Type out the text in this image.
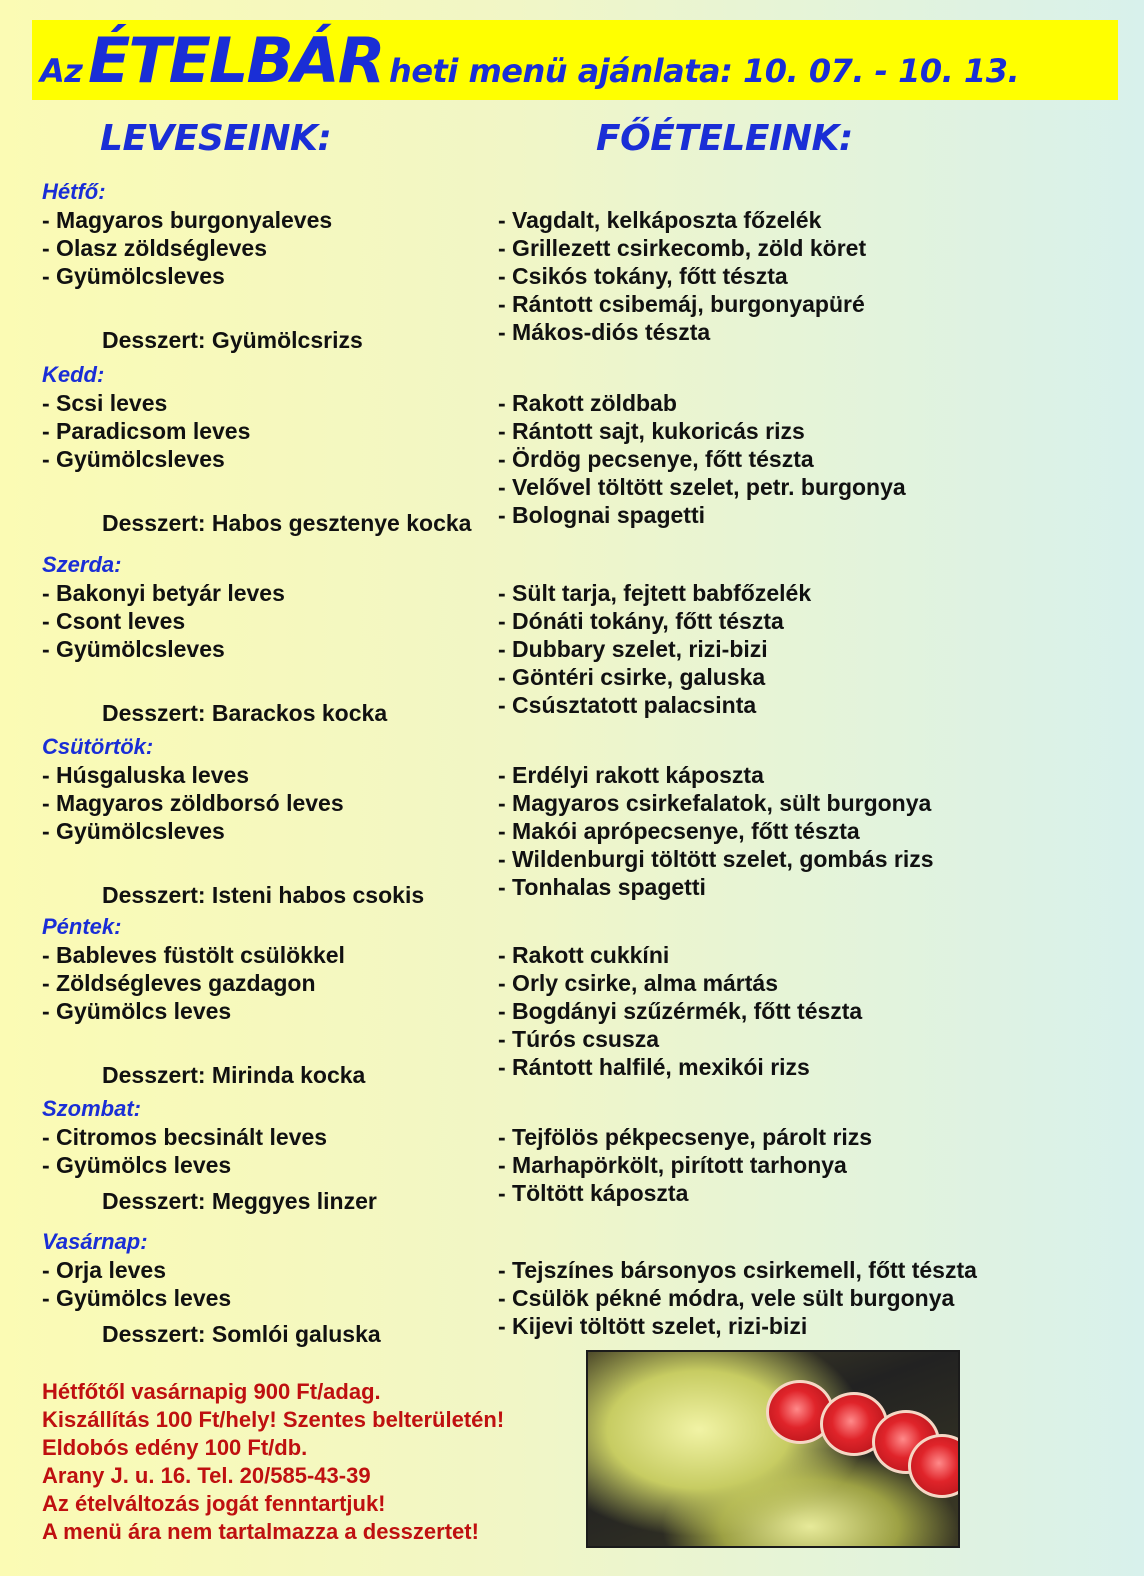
Az ÉTELBÁR heti menü ajánlata: 10. 07. - 10. 13.
LEVESEINK:	FŐÉTELEINK:
Hétfő:
- Magyaros burgonyaleves
- Olasz zöldségleves
- Gyümölcsleves
Desszert: Gyümölcsrizs
- Vagdalt, kelkáposzta főzelék
- Grillezett csirkecomb, zöld köret
- Csikós tokány, főtt tészta
- Rántott csibemáj, burgonyapüré
- Mákos-diós tészta
Kedd:
- Scsi leves
- Paradicsom leves
- Gyümölcsleves
Desszert: Habos gesztenye kocka
- Rakott zöldbab
- Rántott sajt, kukoricás rizs
- Ördög pecsenye, főtt tészta
- Velővel töltött szelet, petr. burgonya
- Bolognai spagetti
Szerda:
- Bakonyi betyár leves
- Csont leves
- Gyümölcsleves
Desszert: Barackos kocka
- Sült tarja, fejtett babfőzelék
- Dónáti tokány, főtt tészta
- Dubbary szelet, rizi-bizi
- Göntéri csirke, galuska
- Csúsztatott palacsinta
Csütörtök:
- Húsgaluska leves
- Magyaros zöldborsó leves
- Gyümölcsleves
Desszert: Isteni habos csokis
- Erdélyi rakott káposzta
- Magyaros csirkefalatok, sült burgonya
- Makói aprópecsenye, főtt tészta
- Wildenburgi töltött szelet, gombás rizs
- Tonhalas spagetti
Péntek:
- Bableves füstölt csülökkel
- Zöldségleves gazdagon
- Gyümölcs leves
Desszert: Mirinda kocka
- Rakott cukkíni
- Orly csirke, alma mártás
- Bogdányi szűzérmék, főtt tészta
- Túrós csusza
- Rántott halfilé, mexikói rizs
Szombat:
- Citromos becsinált leves
- Gyümölcs leves
Desszert: Meggyes linzer
- Tejfölös pékpecsenye, párolt rizs
- Marhapörkölt, pirított tarhonya
- Töltött káposzta
Vasárnap:
- Orja leves
- Gyümölcs leves
Desszert: Somlói galuska
- Tejszínes bársonyos csirkemell, főtt tészta
- Csülök pékné módra, vele sült burgonya
- Kijevi töltött szelet, rizi-bizi
Hétfőtől vasárnapig 900 Ft/adag.
Kiszállítás 100 Ft/hely! Szentes belterületén!
Eldobós edény 100 Ft/db.
Arany J. u. 16. Tel. 20/585-43-39
Az ételváltozás jogát fenntartjuk!
A menü ára nem tartalmazza a desszertet!
